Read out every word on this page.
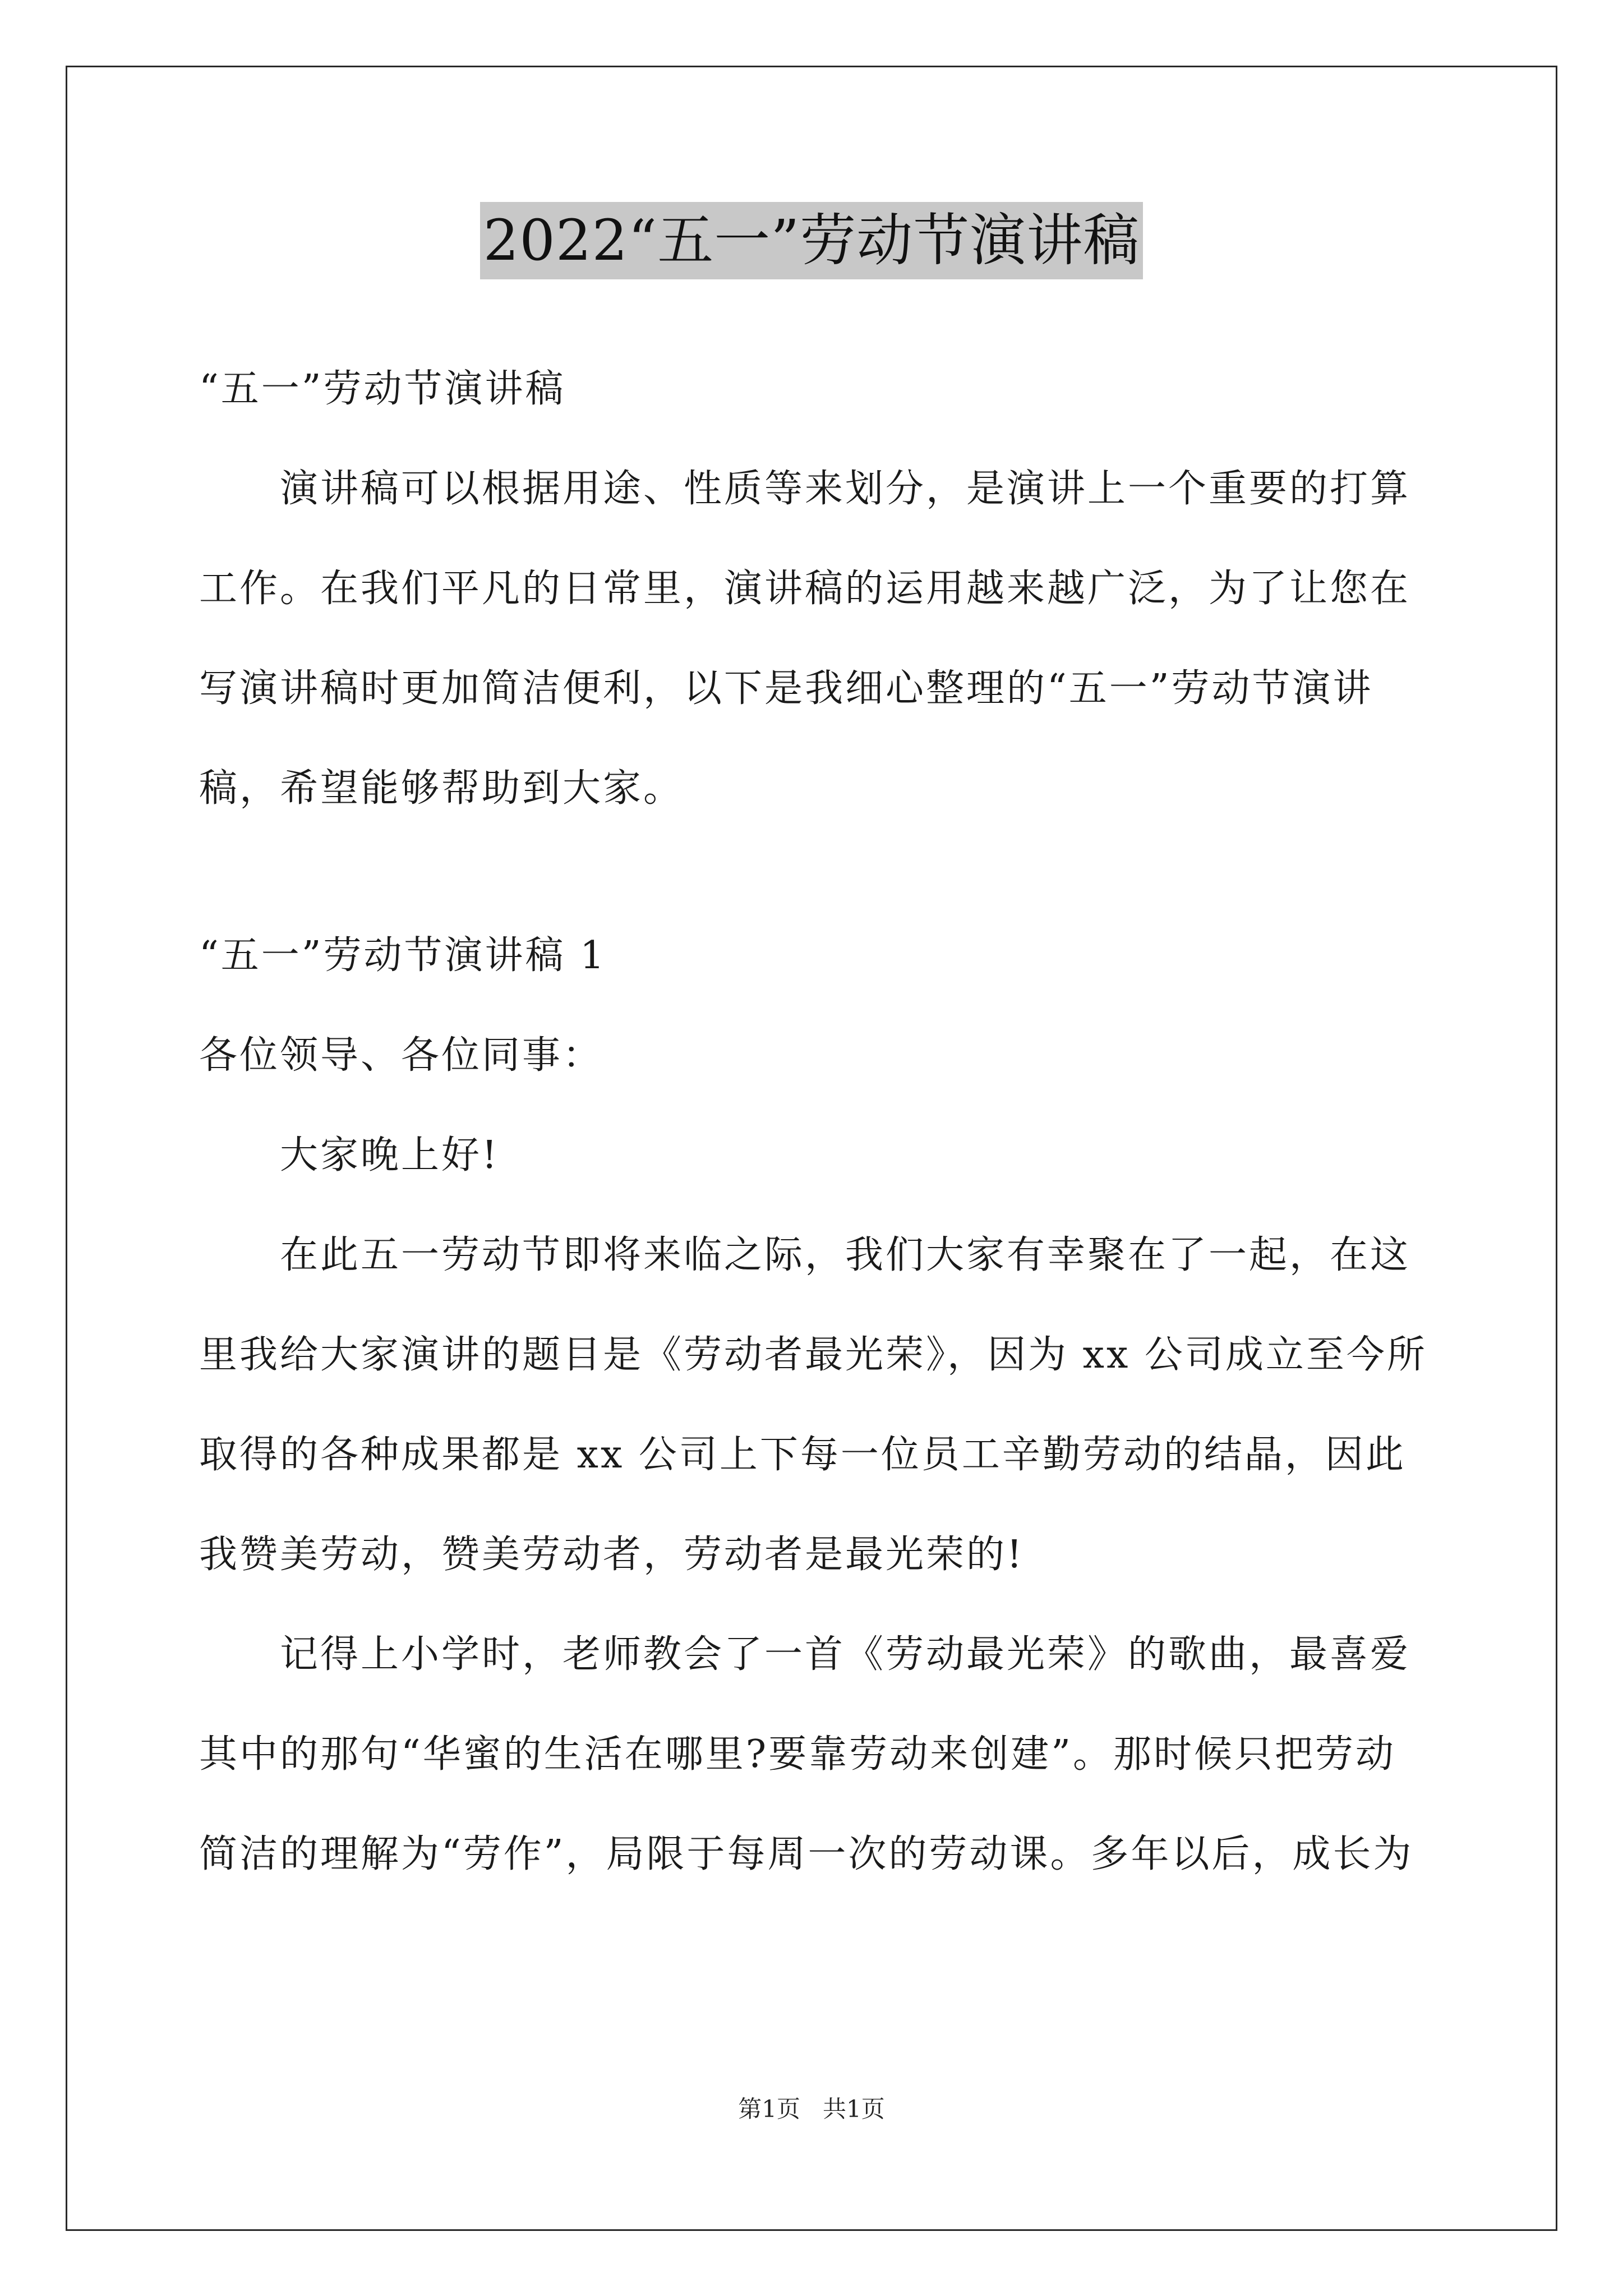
2022“五一”劳动节演讲稿

“五一”劳动节演讲稿

演讲稿可以根据用途、性质等来划分，是演讲上一个重要的打算工作。在我们平凡的日常里，演讲稿的运用越来越广泛，为了让您在写演讲稿时更加简洁便利，以下是我细心整理的“五一”劳动节演讲稿，希望能够帮助到大家。

“五一”劳动节演讲稿 1

各位领导、各位同事：

大家晚上好!

在此五一劳动节即将来临之际，我们大家有幸聚在了一起，在这里我给大家演讲的题目是《劳动者最光荣》，因为 xx 公司成立至今所取得的各种成果都是 xx 公司上下每一位员工辛勤劳动的结晶，因此我赞美劳动，赞美劳动者，劳动者是最光荣的!

记得上小学时，老师教会了一首《劳动最光荣》的歌曲，最喜爱其中的那句“华蜜的生活在哪里?要靠劳动来创建”。那时候只把劳动简洁的理解为“劳作”，局限于每周一次的劳动课。多年以后，成长为

第1页   共1页
